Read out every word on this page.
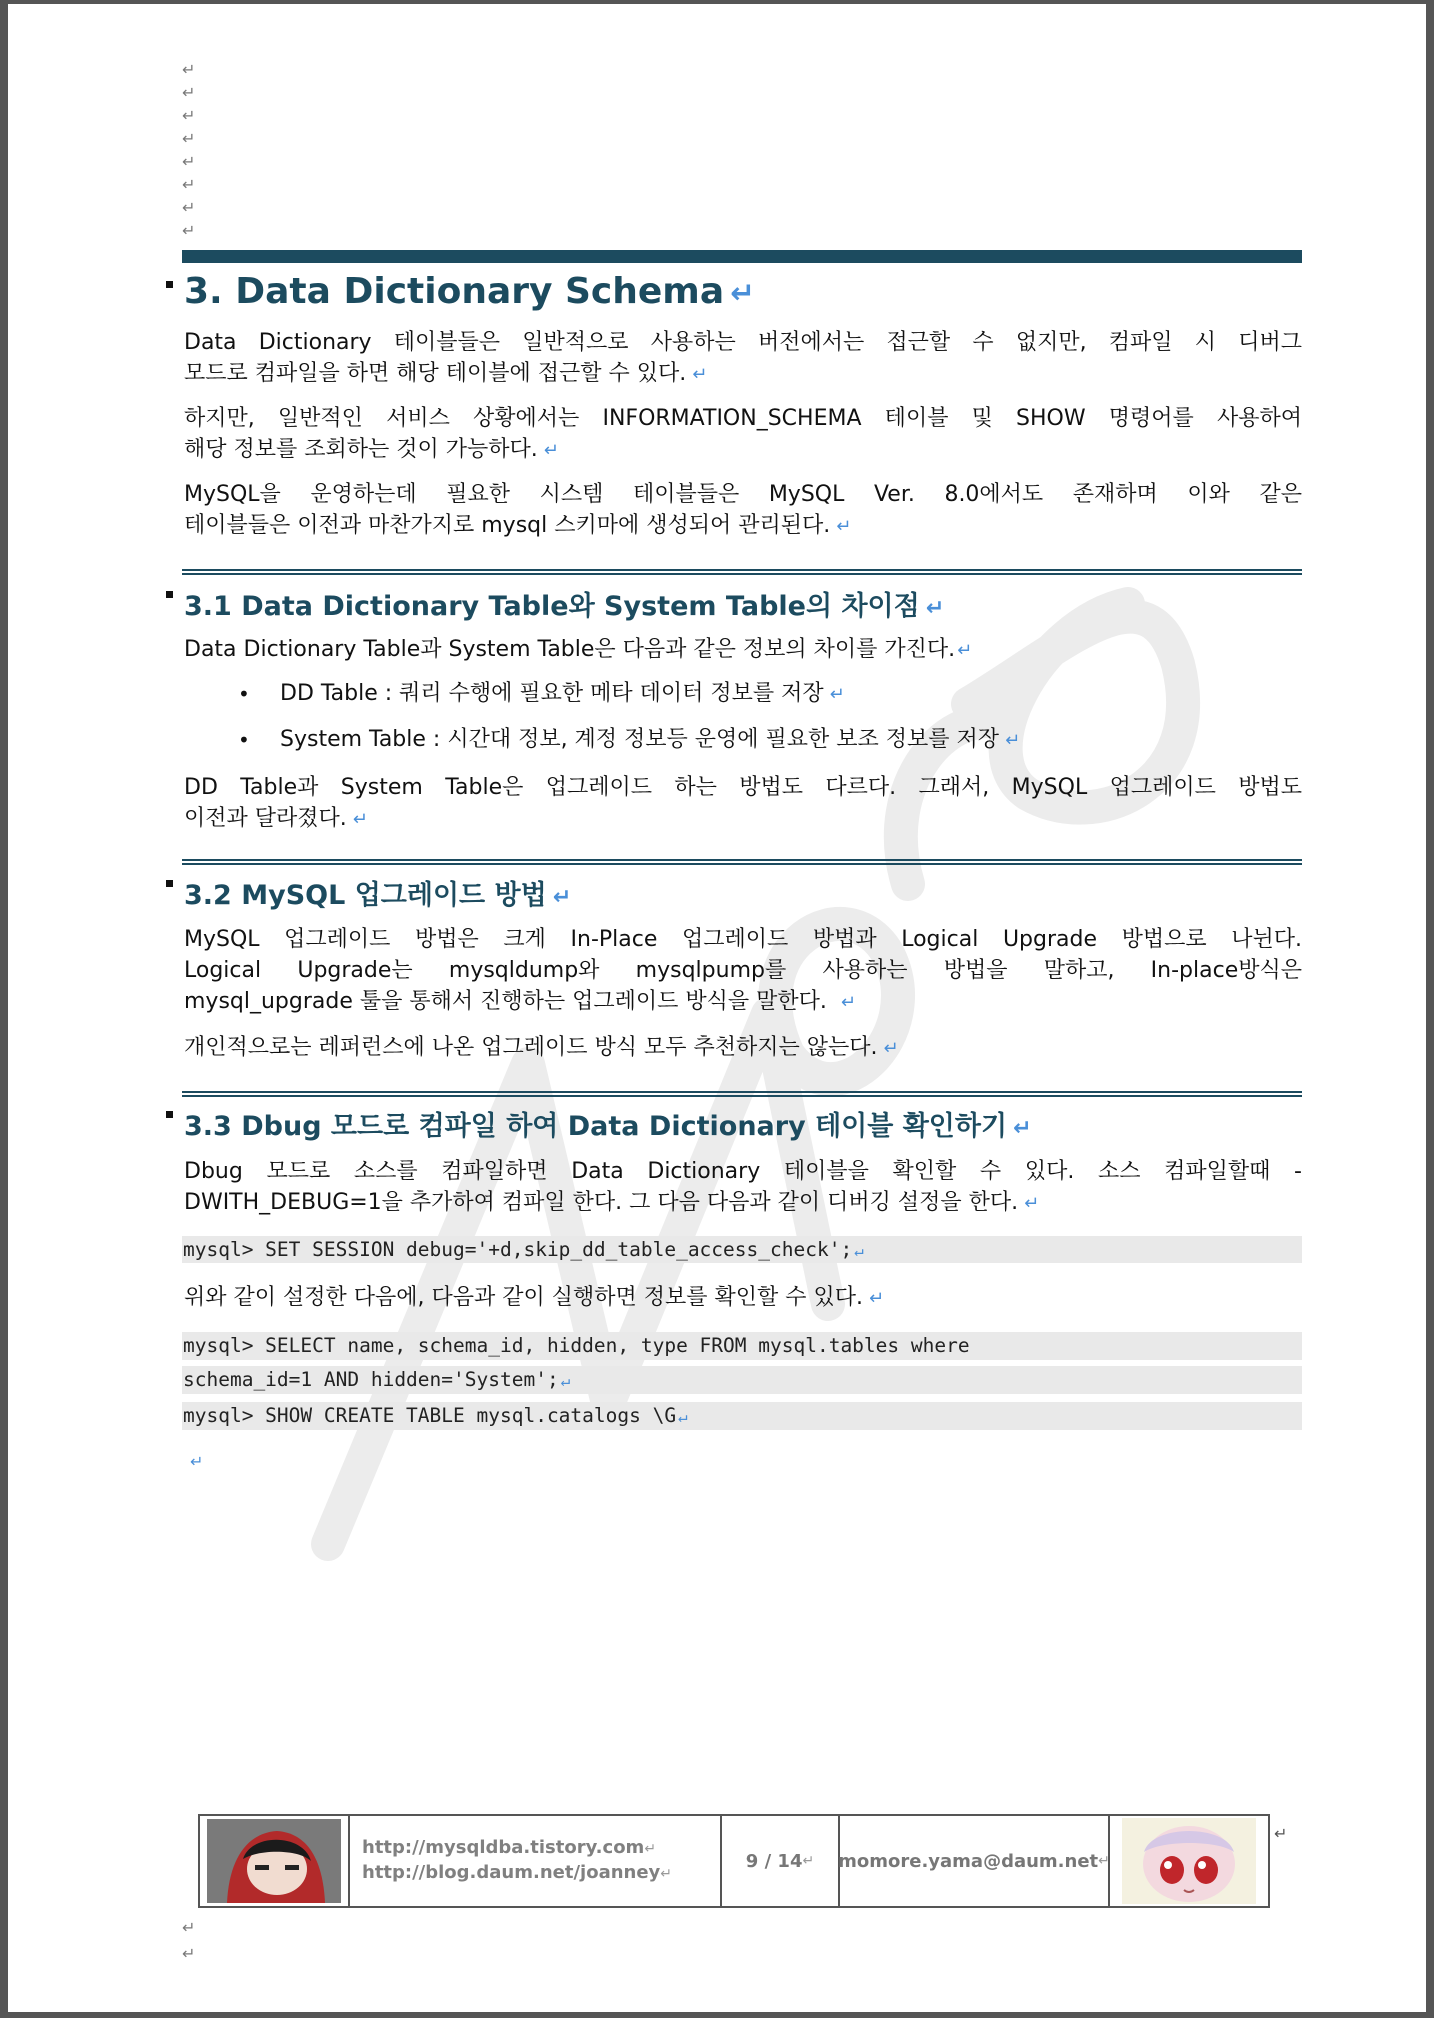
↵
↵
↵
↵
↵
↵
↵
↵
3. Data Dictionary Schema ↵
Data Dictionary 테이블들은 일반적으로 사용하는 버전에서는 접근할 수 없지만, 컴파일 시 디버그
모드로 컴파일을 하면 해당 테이블에 접근할 수 있다. ↵
하지만, 일반적인 서비스 상황에서는 INFORMATION_SCHEMA 테이블 및 SHOW 명령어를 사용하여
해당 정보를 조회하는 것이 가능하다. ↵
MySQL을 운영하는데 필요한 시스템 테이블들은 MySQL Ver. 8.0에서도 존재하며 이와 같은
테이블들은 이전과 마찬가지로 mysql 스키마에 생성되어 관리된다. ↵
3.1 Data Dictionary Table와 System Table의 차이점 ↵
Data Dictionary Table과 System Table은 다음과 같은 정보의 차이를 가진다. ↵
• DD Table : 쿼리 수행에 필요한 메타 데이터 정보를 저장 ↵
• System Table : 시간대 정보, 계정 정보등 운영에 필요한 보조 정보를 저장 ↵
DD Table과 System Table은 업그레이드 하는 방법도 다르다. 그래서, MySQL 업그레이드 방법도
이전과 달라졌다. ↵
3.2 MySQL 업그레이드 방법 ↵
MySQL 업그레이드 방법은 크게 In-Place 업그레이드 방법과 Logical Upgrade 방법으로 나뉜다.
Logical Upgrade는 mysqldump와 mysqlpump를 사용하는 방법을 말하고, In-place방식은
mysql_upgrade 툴을 통해서 진행하는 업그레이드 방식을 말한다. ↵
개인적으로는 레퍼런스에 나온 업그레이드 방식 모두 추천하지는 않는다. ↵
3.3 Dbug 모드로 컴파일 하여 Data Dictionary 테이블 확인하기 ↵
Dbug 모드로 소스를 컴파일하면 Data Dictionary 테이블을 확인할 수 있다. 소스 컴파일할때 -
DWITH_DEBUG=1을 추가하여 컴파일 한다. 그 다음 다음과 같이 디버깅 설정을 한다. ↵
mysql> SET SESSION debug='+d,skip_dd_table_access_check'; ↵
위와 같이 설정한 다음에, 다음과 같이 실행하면 정보를 확인할 수 있다. ↵
mysql> SELECT name, schema_id, hidden, type FROM mysql.tables where
schema_id=1 AND hidden='System'; ↵
mysql> SHOW CREATE TABLE mysql.catalogs \G ↵
↵
http://mysqldba.tistory.com↵
http://blog.daum.net/joanney↵
9 / 14 ↵ momore.yama@daum.net ↵
↵
↵
↵
